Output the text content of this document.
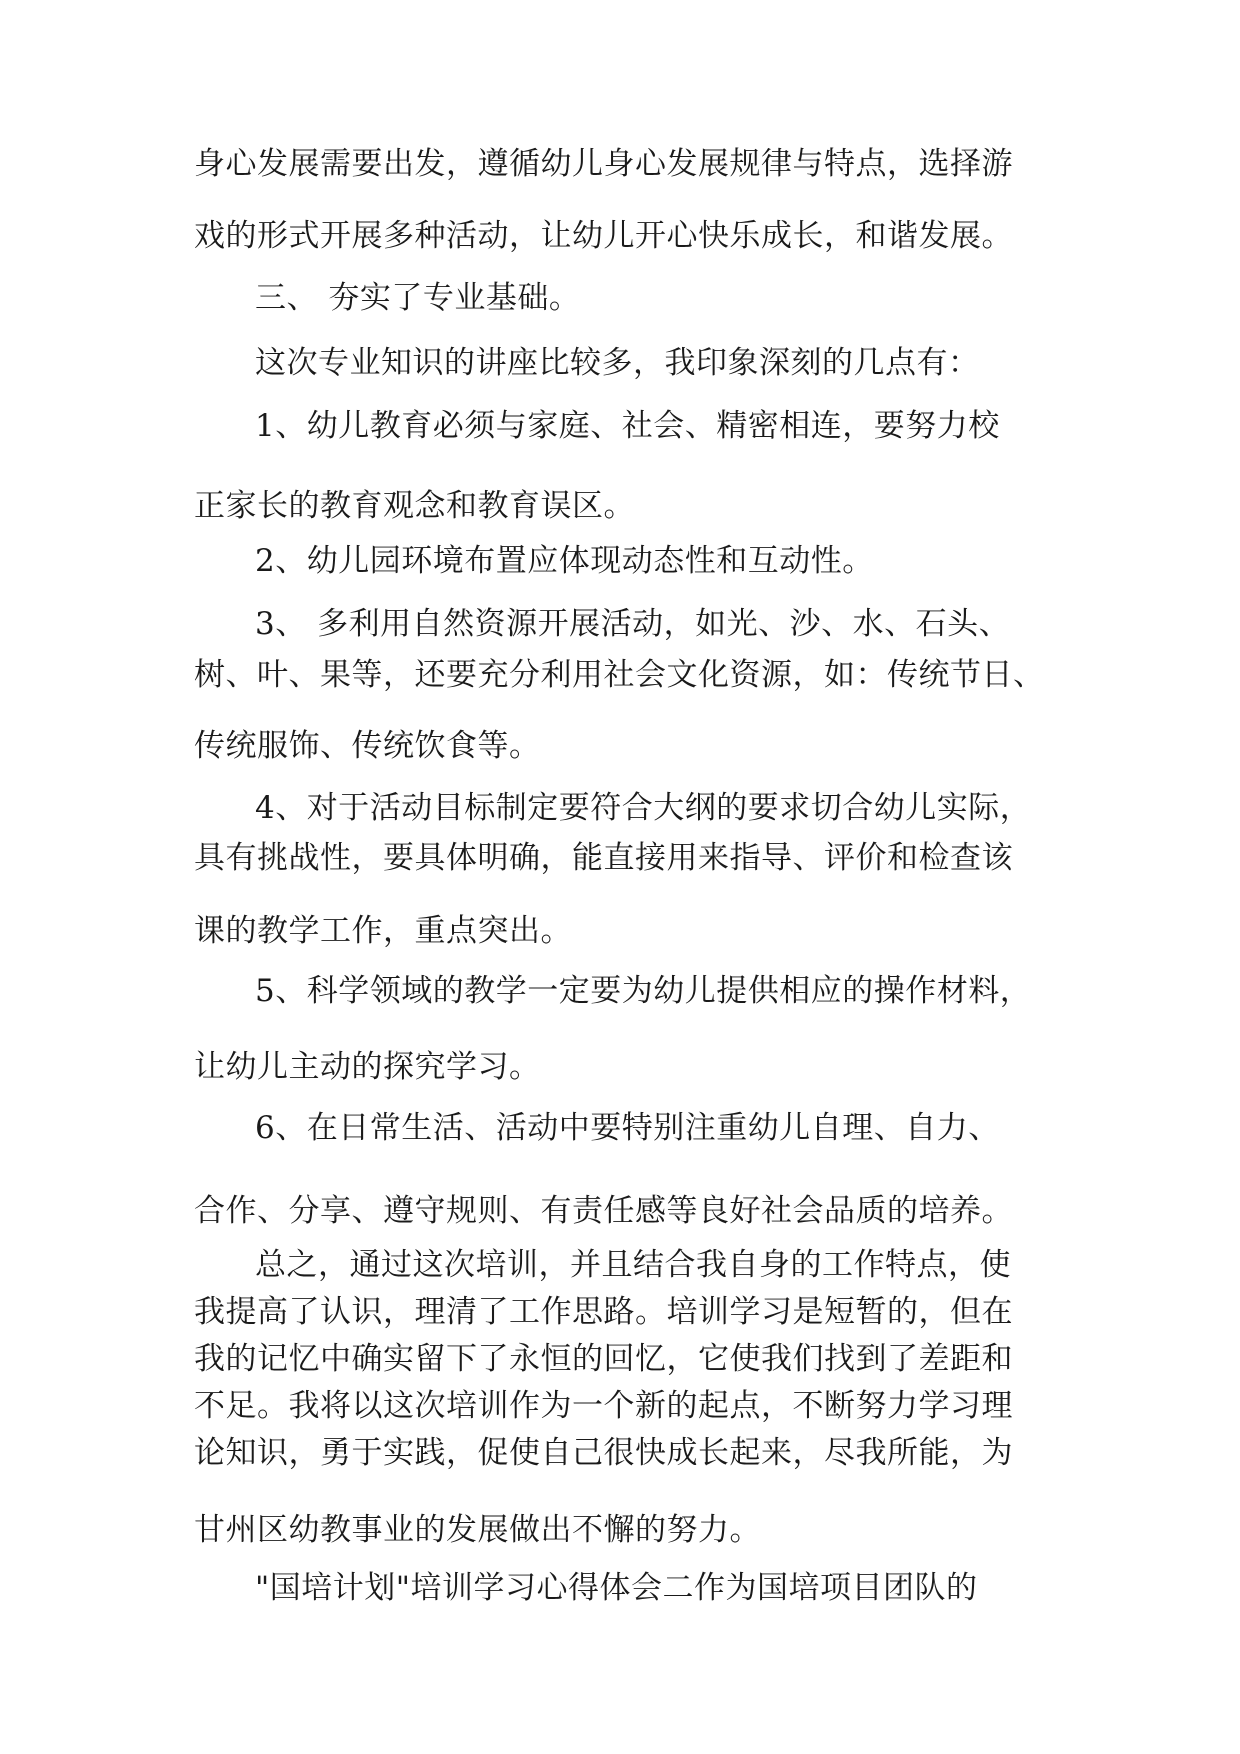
身心发展需要出发，遵循幼儿身心发展规律与特点，选择游
戏的形式开展多种活动，让幼儿开心快乐成长，和谐发展。
三、 夯实了专业基础。
这次专业知识的讲座比较多，我印象深刻的几点有：
1、幼儿教育必须与家庭、社会、精密相连，要努力校
正家长的教育观念和教育误区。
2、幼儿园环境布置应体现动态性和互动性。
3、 多利用自然资源开展活动，如光、沙、水、石头、
树、叶、果等，还要充分利用社会文化资源，如：传统节日、
传统服饰、传统饮食等。
4、对于活动目标制定要符合大纲的要求切合幼儿实际，
具有挑战性，要具体明确，能直接用来指导、评价和检查该
课的教学工作，重点突出。
5、科学领域的教学一定要为幼儿提供相应的操作材料，
让幼儿主动的探究学习。
6、在日常生活、活动中要特别注重幼儿自理、自力、
合作、分享、遵守规则、有责任感等良好社会品质的培养。
总之，通过这次培训，并且结合我自身的工作特点，使
我提高了认识，理清了工作思路。培训学习是短暂的，但在
我的记忆中确实留下了永恒的回忆，它使我们找到了差距和
不足。我将以这次培训作为一个新的起点，不断努力学习理
论知识，勇于实践，促使自己很快成长起来，尽我所能，为
甘州区幼教事业的发展做出不懈的努力。
"国培计划"培训学习心得体会二作为国培项目团队的
